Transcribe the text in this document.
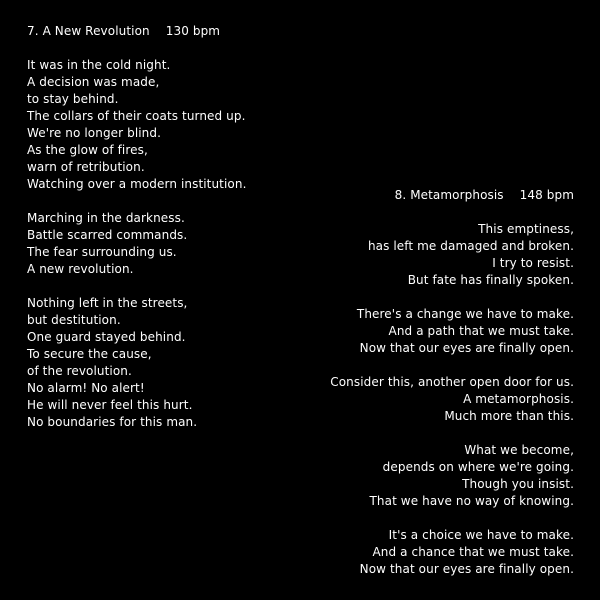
7. A New Revolution 130 bpm
It was in the cold night.
A decision was made,
to stay behind.
The collars of their coats turned up.
We're no longer blind.
As the glow of fires,
warn of retribution.
Watching over a modern institution.
Marching in the darkness.
Battle scarred commands.
The fear surrounding us.
A new revolution.
Nothing left in the streets,
but destitution.
One guard stayed behind.
To secure the cause,
of the revolution.
No alarm! No alert!
He will never feel this hurt.
No boundaries for this man.
8. Metamorphosis 148 bpm
This emptiness,
has left me damaged and broken.
I try to resist.
But fate has finally spoken.
There's a change we have to make.
And a path that we must take.
Now that our eyes are finally open.
Consider this, another open door for us.
A metamorphosis.
Much more than this.
What we become,
depends on where we're going.
Though you insist.
That we have no way of knowing.
It's a choice we have to make.
And a chance that we must take.
Now that our eyes are finally open.
